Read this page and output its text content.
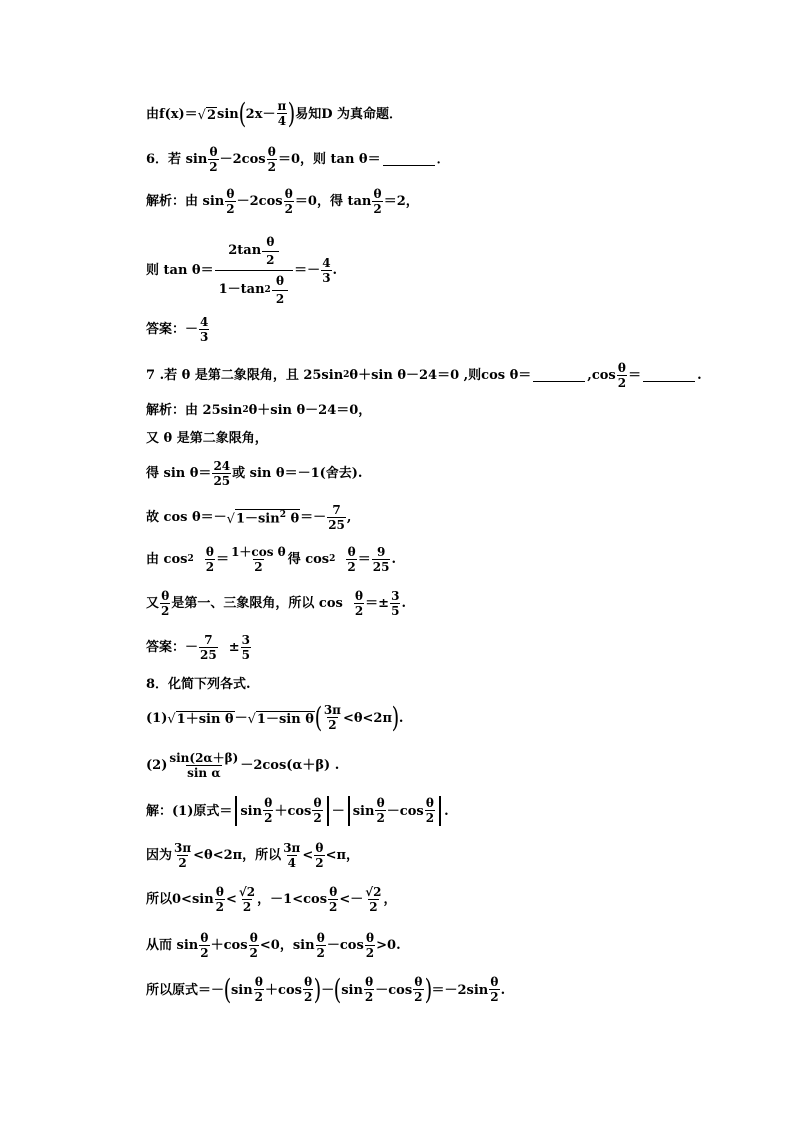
由 f(x)＝ √ 2 sin ( $2x- \frac{\pi}{4}$ ) 易知D 为真命题．
6．若 $\sin \frac{\theta}{2} -2\cos \frac{\theta}{2} =0$，则 tan θ＝	．
解析：由 $\sin \frac{\theta}{2} -2\cos \frac{\theta}{2} =0$，得 $\tan \frac{\theta}{2} =2$，
则 $\tan \theta= \frac{2\tan \frac{\theta}{2}}{1-\tan 2 \frac{\theta}{2}} =- \frac{4}{3}$ .
答案：－ $\frac{4}{3}$
7 .若 θ 是第二象限角，且 25sin 2 θ＋sin θ－24＝0 ,则cos θ＝	$,\cos \frac{\theta}{2}$ ＝	.
解析：由 25sin 2 θ＋sin θ－24＝0，
又 θ 是第二象限角，
得 $\sin \theta= \frac{24}{25}$ 或 sin θ＝－1(舍去).
故 cos θ＝－ √ $1-\sin^2$ $\theta =- \frac{7}{25}$ ,
由 $\cos 2 \frac{\theta}{2} = \frac{\text{1＋cos θ}}{2}$ 得 $\cos 2 \frac{\theta}{2} = \frac{9}{25}$ .
又 $\frac{\theta}{2}$ 是第一、三象限角，所以 $\cos \frac{\theta}{2} =\pm \frac{3}{5}$ .
答案：－ $\frac{7}{25} \pm \frac{3}{5}$
8．化简下列各式.
(1) √ 1＋sin θ － √ 1－sin θ ( $\frac{3\pi}{2} <\theta<2\pi$ ) .
$(2) \frac{\sin(2\alpha+\beta)}{\text{sin α}} -2\cos(\alpha+\beta)$ .
解：(1)原式＝ $\sin \frac{\theta}{2} +\cos \frac{\theta}{2} - \sin \frac{\theta}{2} -\cos \frac{\theta}{2}$ .
因为 $\frac{3\pi}{2} <\theta<2\pi$，所以 $\frac{3\pi}{4} < \frac{\theta}{2} <\pi$，
所以$0<\sin \frac{\theta}{2} < \frac{√2}{2}$ ，$-1<\cos \frac{\theta}{2} <- \frac{√2}{2}$ ，
从而 $\sin \frac{\theta}{2} +\cos \frac{\theta}{2} <0$，$\sin \frac{\theta}{2} -\cos \frac{\theta}{2} >0$.
所以原式＝－ ( $\sin \frac{\theta}{2} +\cos \frac{\theta}{2}$ ) － ( $\sin \frac{\theta}{2} -\cos \frac{\theta}{2}$ ) $=-2\sin \frac{\theta}{2}$ .
